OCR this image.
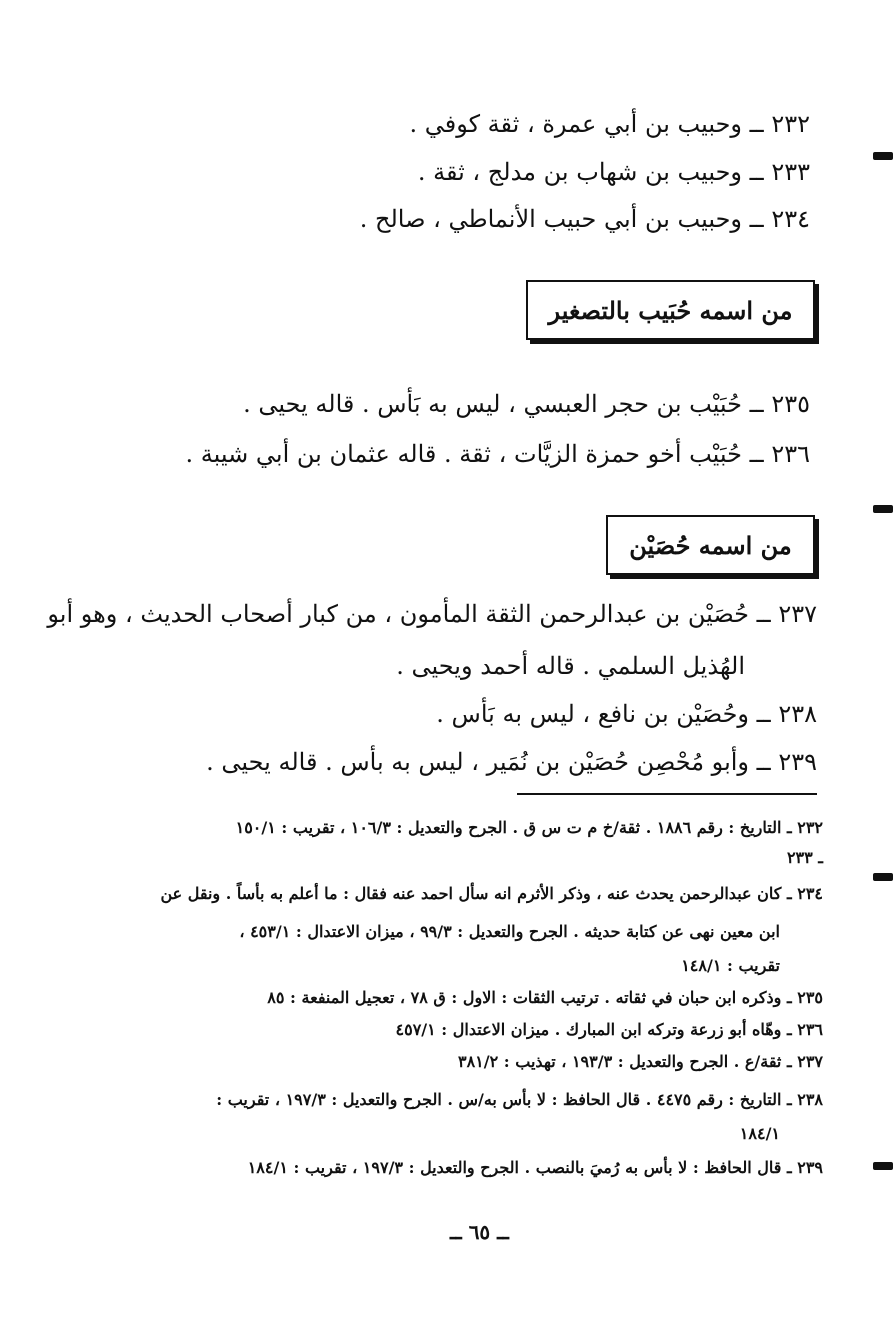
٢٣٢ ــ وحبيب بن أبي عمرة ، ثقة كوفي .
٢٣٣ ــ وحبيب بن شهاب بن مدلج ، ثقة .
٢٣٤ ــ وحبيب بن أبي حبيب الأنماطي ، صالح .
من اسمه حُبَيب بالتصغير
٢٣٥ ــ حُبَيْب بن حجر العبسي ، ليس به بَأس . قاله يحيى .
٢٣٦ ــ حُبَيْب أخو حمزة الزيَّات ، ثقة . قاله عثمان بن أبي شيبة .
من اسمه حُصَيْن
٢٣٧ ــ حُصَيْن بن عبدالرحمن الثقة المأمون ، من كبار أصحاب الحديث ، وهو أبو
الهُذيل السلمي . قاله أحمد ويحيى .
٢٣٨ ــ وحُصَيْن بن نافع ، ليس به بَأس .
٢٣٩ ــ وأبو مُحْصِن حُصَيْن بن نُمَير ، ليس به بأس . قاله يحيى .
٢٣٢ ـ التاريخ : رقم ١٨٨٦ . ثقة/خ م ت س ق . الجرح والتعديل : ١٠٦/٣ ، تقريب : ١٥٠/١
ـ ٢٣٣
٢٣٤ ـ كان عبدالرحمن يحدث عنه ، وذكر الأثرم انه سأل احمد عنه فقال : ما أعلم به بأساً . ونقل عن
ابن معين نهى عن كتابة حديثه . الجرح والتعديل : ٩٩/٣ ، ميزان الاعتدال : ٤٥٣/١ ،
تقريب : ١٤٨/١
٢٣٥ ـ وذكره ابن حبان في ثقاته . ترتيب الثقات : الاول : ق ٧٨ ، تعجيل المنفعة : ٨٥
٢٣٦ ـ وهّاه أبو زرعة وتركه ابن المبارك . ميزان الاعتدال : ٤٥٧/١
٢٣٧ ـ ثقة/ع . الجرح والتعديل : ١٩٣/٣ ، تهذيب : ٣٨١/٢
٢٣٨ ـ التاريخ : رقم ٤٤٧٥ . قال الحافظ : لا بأس به/س . الجرح والتعديل : ١٩٧/٣ ، تقريب :
١٨٤/١
٢٣٩ ـ قال الحافظ : لا بأس به رُميَ بالنصب . الجرح والتعديل : ١٩٧/٣ ، تقريب : ١٨٤/١
ــ ٦٥ ــ
